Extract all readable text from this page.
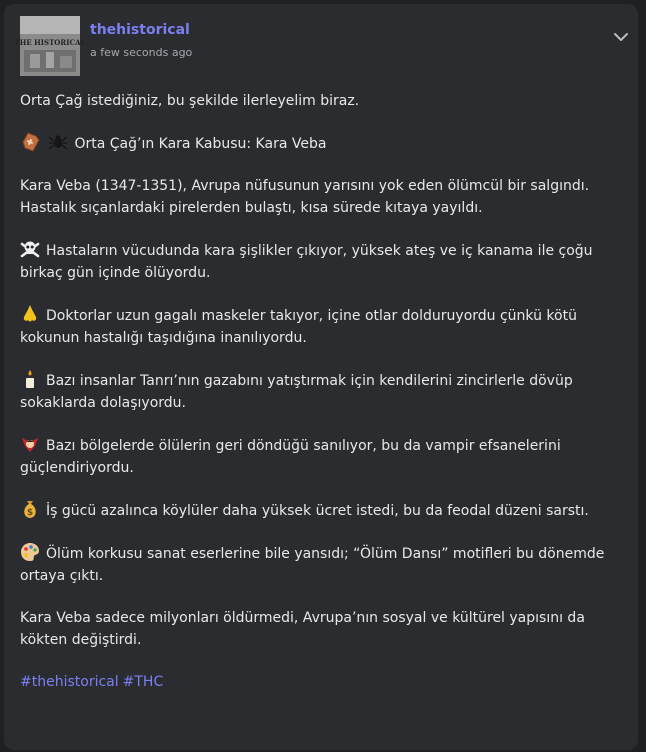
THE HISTORICAL
thehistorical
a few seconds ago

Orta Çağ istediğiniz, bu şekilde ilerleyelim biraz.

Orta Çağ’ın Kara Kabusu: Kara Veba

Kara Veba (1347-1351), Avrupa nüfusunun yarısını yok eden ölümcül bir salgındı. Hastalık sıçanlardaki pirelerden bulaştı, kısa sürede kıtaya yayıldı.

Hastaların vücudunda kara şişlikler çıkıyor, yüksek ateş ve iç kanama ile çoğu birkaç gün içinde ölüyordu.

Doktorlar uzun gagalı maskeler takıyor, içine otlar dolduruyordu çünkü kötü kokunun hastalığı taşıdığına inanılıyordu.

Bazı insanlar Tanrı’nın gazabını yatıştırmak için kendilerini zincirlerle dövüp sokaklarda dolaşıyordu.

Bazı bölgelerde ölülerin geri döndüğü sanılıyor, bu da vampir efsanelerini güçlendiriyordu.

$ İş gücü azalınca köylüler daha yüksek ücret istedi, bu da feodal düzeni sarstı.

Ölüm korkusu sanat eserlerine bile yansıdı; “Ölüm Dansı” motifleri bu dönemde ortaya çıktı.

Kara Veba sadece milyonları öldürmedi, Avrupa’nın sosyal ve kültürel yapısını da kökten değiştirdi.

#thehistorical #THC
